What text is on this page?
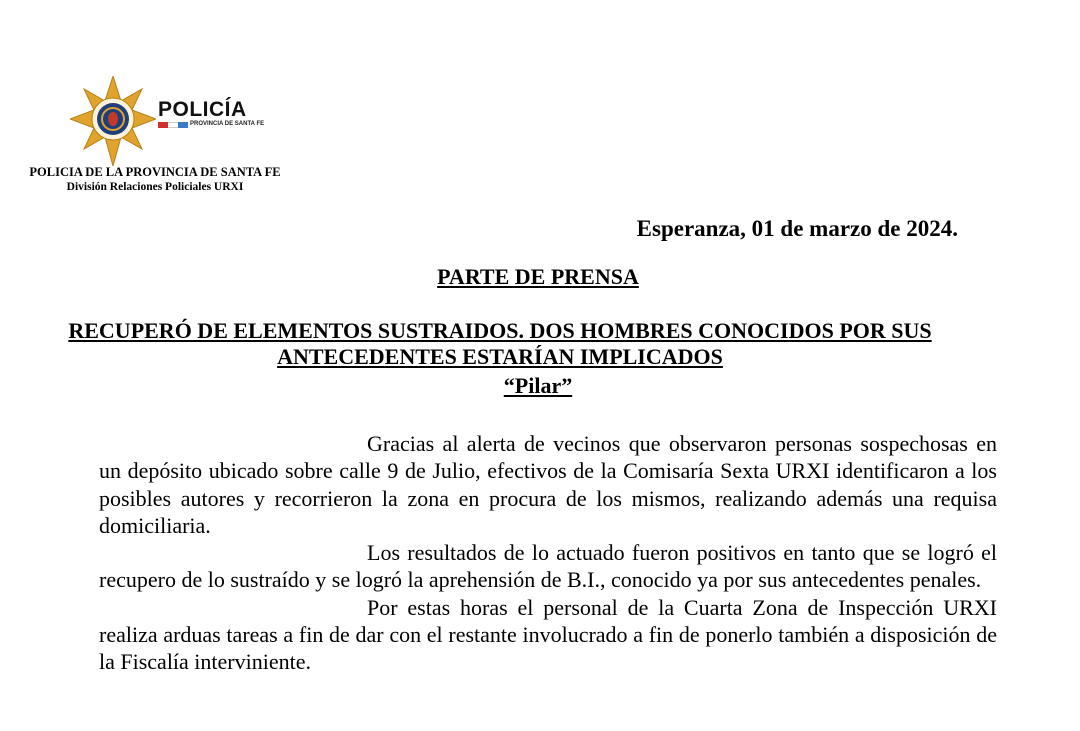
POLICÍA
PROVINCIA DE SANTA FE
POLICIA DE LA PROVINCIA DE SANTA FE
División Relaciones Policiales URXI
Esperanza, 01 de marzo de 2024.
PARTE DE PRENSA
RECUPERÓ DE ELEMENTOS SUSTRAIDOS. DOS HOMBRES CONOCIDOS POR SUS ANTECEDENTES ESTARÍAN IMPLICADOS
“Pilar”

Gracias al alerta de vecinos que observaron personas sospechosas en un depósito ubicado sobre calle 9 de Julio, efectivos de la Comisaría Sexta URXI identificaron a los posibles autores y recorrieron la zona en procura de los mismos, realizando además una requisa domiciliaria.

Los resultados de lo actuado fueron positivos en tanto que se logró el recupero de lo sustraído y se logró la aprehensión de B.I., conocido ya por sus antecedentes penales.

Por estas horas el personal de la Cuarta Zona de Inspección URXI realiza arduas tareas a fin de dar con el restante involucrado a fin de ponerlo también a disposición de la Fiscalía interviniente.
